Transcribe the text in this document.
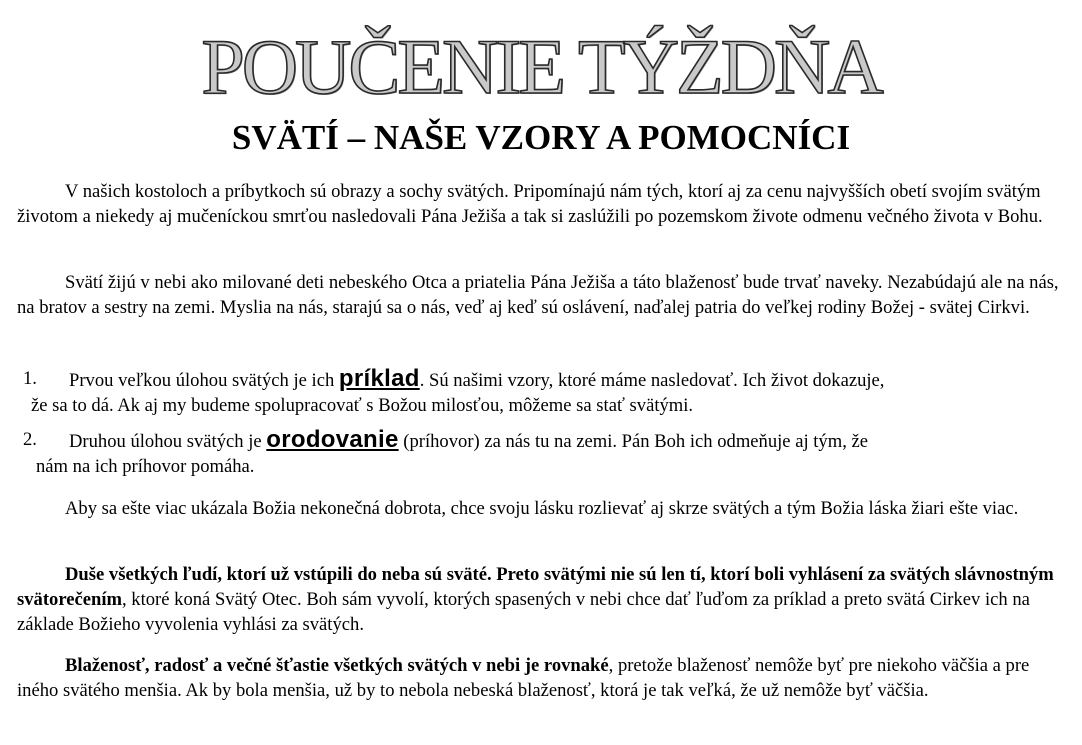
POUČENIE TÝŽDŇA
SVÄTÍ – NAŠE VZORY A POMOCNÍCI

V našich kostoloch a príbytkoch sú obrazy a sochy svätých. Pripomínajú nám tých, ktorí aj za cenu najvyšších obetí svojím svätým životom a niekedy aj mučeníckou smrťou nasledovali Pána Ježiša a tak si zaslúžili po pozemskom živote odmenu večného života v Bohu.

Svätí žijú v nebi ako milované deti nebeského Otca a priatelia Pána Ježiša a táto blaženosť bude trvať naveky. Nezabúdajú ale na nás, na bratov a sestry na zemi. Myslia na nás, starajú sa o nás, veď aj keď sú oslávení, naďalej patria do veľkej rodiny Božej - svätej Cirkvi.

1.	Prvou veľkou úlohou svätých je ich príklad. Sú našimi vzory, ktoré máme nasledovať. Ich život dokazuje,
že sa to dá. Ak aj my budeme spolupracovať s Božou milosťou, môžeme sa stať svätými.
2.	Druhou úlohou svätých je orodovanie (príhovor) za nás tu na zemi. Pán Boh ich odmeňuje aj tým, že
nám na ich príhovor pomáha.

Aby sa ešte viac ukázala Božia nekonečná dobrota, chce svoju lásku rozlievať aj skrze svätých a tým Božia láska žiari ešte viac.

Duše všetkých ľudí, ktorí už vstúpili do neba sú sväté. Preto svätými nie sú len tí, ktorí boli vyhlásení za svätých slávnostným svätorečením, ktoré koná Svätý Otec. Boh sám vyvolí, ktorých spasených v nebi chce dať ľuďom za príklad a preto svätá Cirkev ich na základe Božieho vyvolenia vyhlási za svätých.

Blaženosť, radosť a večné šťastie všetkých svätých v nebi je rovnaké, pretože blaženosť nemôže byť pre niekoho väčšia a pre iného svätého menšia. Ak by bola menšia, už by to nebola nebeská blaženosť, ktorá je tak veľká, že už nemôže byť väčšia.
